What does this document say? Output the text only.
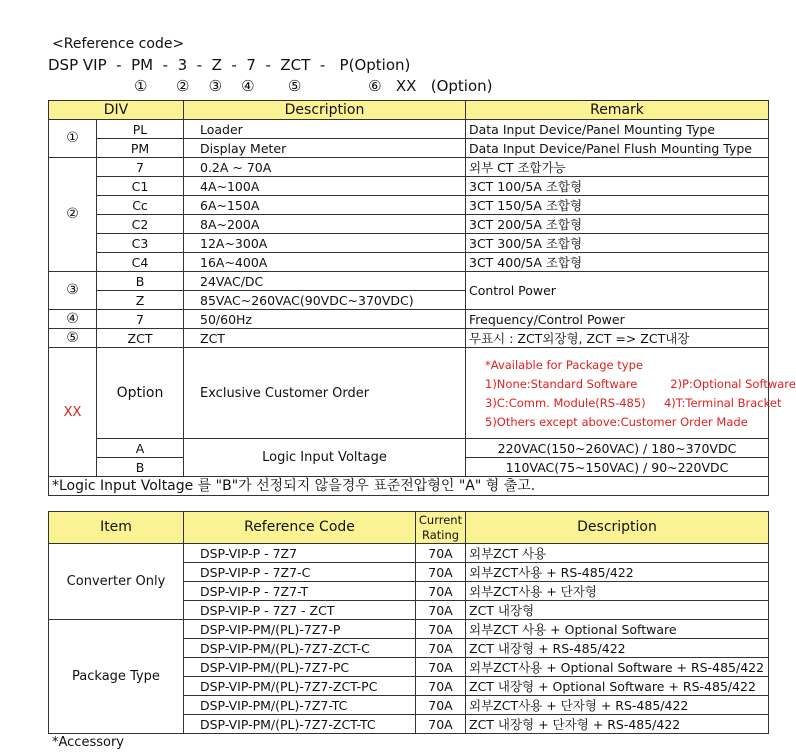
<Reference code>
DSP VIP  -  PM  -  3  -  Z  -  7  -  ZCT  -   P(Option)
①      ②    ③    ④       ⑤              ⑥   XX   (Option)
DIV		Description	Remark
①	PL	Loader	Data Input Device/Panel Mounting Type
	PM	Display Meter	Data Input Device/Panel Flush Mounting Type
②	7	0.2A ~ 70A	외부 CT 조합가능
	C1	4A~100A	3CT 100/5A 조합형
	Cc	6A~150A	3CT 150/5A 조합형
	C2	8A~200A	3CT 200/5A 조합형
	C3	12A~300A	3CT 300/5A 조합형
	C4	16A~400A	3CT 400/5A 조합형
③	B	24VAC/DC	Control Power
	Z	85VAC~260VAC(90VDC~370VDC)	
④	7	50/60Hz	Frequency/Control Power
⑤	ZCT	ZCT	무표시 : ZCT외장형, ZCT => ZCT내장
XX	Option	Exclusive Customer Order	*Available for Package type
1)None:Standard Software         2)P:Optional Software
3)C:Comm. Module(RS-485)     4)T:Terminal Bracket
5)Others except above:Customer Order Made

	A	Logic Input Voltage	220VAC(150~260VAC) / 180~370VDC
	B		110VAC(75~150VAC) / 90~220VDC
*Logic Input Voltage 를 "B"가 선정되지 않을경우 표준전압형인 "A" 형 출고.			
Item	Reference Code	Current Rating	Description
Converter Only	DSP-VIP-P - 7Z7	70A	외부ZCT 사용
	DSP-VIP-P - 7Z7-C	70A	외부ZCT사용 + RS-485/422
	DSP-VIP-P - 7Z7-T	70A	외부ZCT사용 + 단자형
	DSP-VIP-P - 7Z7 - ZCT	70A	ZCT 내장형
Package Type	DSP-VIP-PM/(PL)-7Z7-P	70A	외부ZCT 사용 + Optional Software
	DSP-VIP-PM/(PL)-7Z7-ZCT-C	70A	ZCT 내장형 + RS-485/422
	DSP-VIP-PM/(PL)-7Z7-PC	70A	외부ZCT사용 + Optional Software + RS-485/422
	DSP-VIP-PM/(PL)-7Z7-ZCT-PC	70A	ZCT 내장형 + Optional Software + RS-485/422
	DSP-VIP-PM/(PL)-7Z7-TC	70A	외부ZCT사용 + 단자형 + RS-485/422
	DSP-VIP-PM/(PL)-7Z7-ZCT-TC	70A	ZCT 내장형 + 단자형 + RS-485/422
*Accessory
